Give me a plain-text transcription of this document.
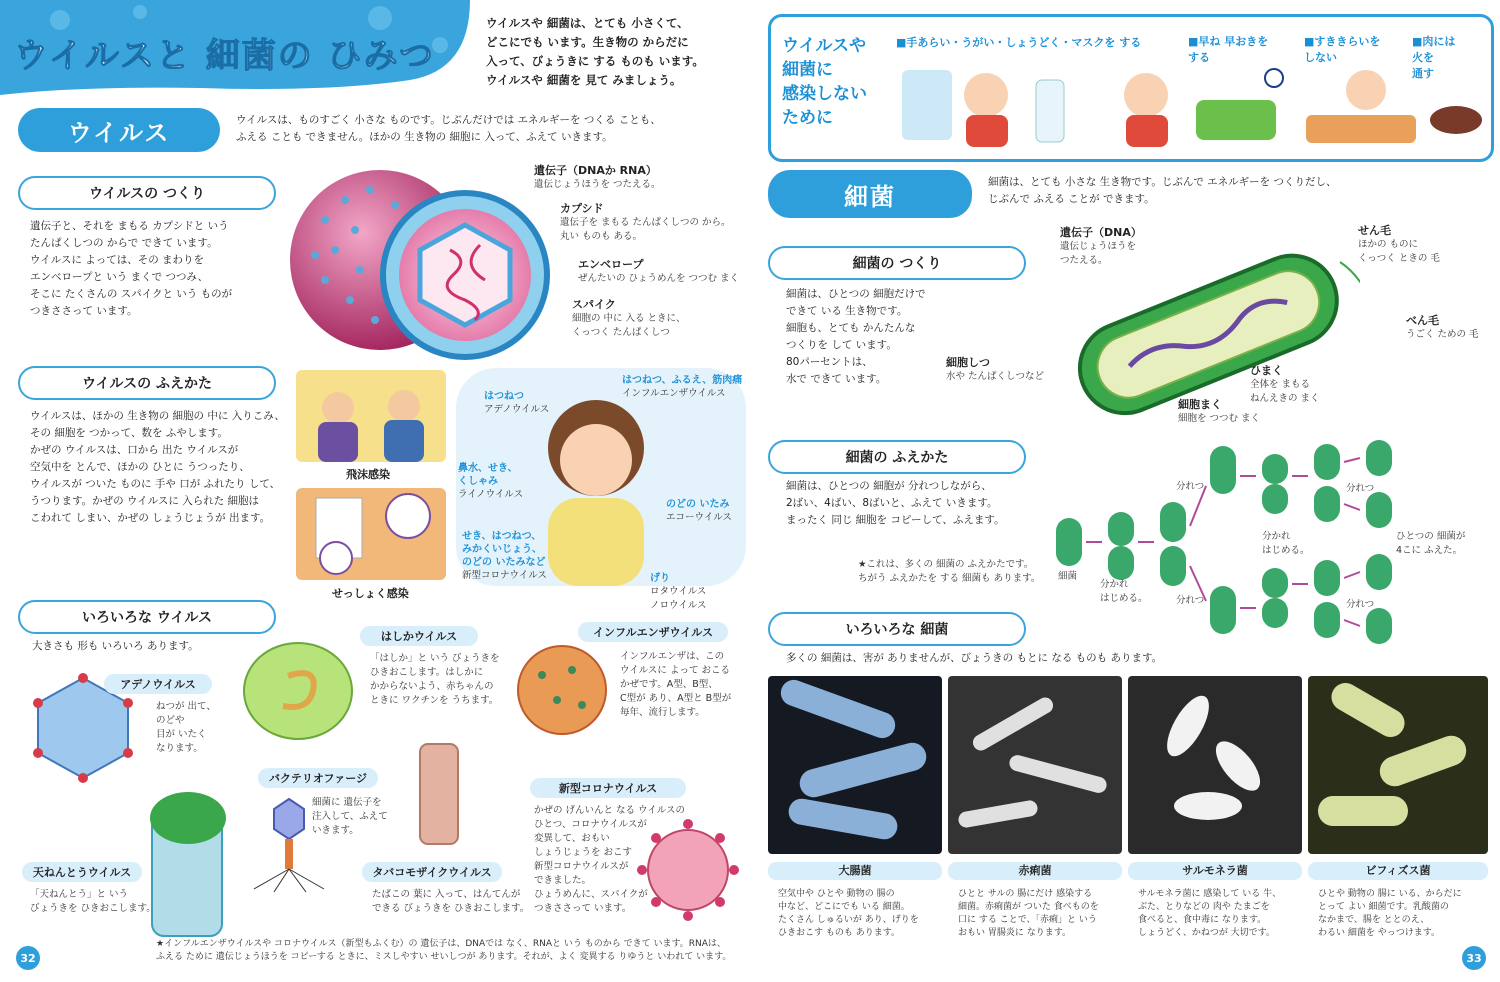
ウイルスと 細菌の ひみつ
ウイルスや 細菌は、とても 小さくて、
どこにでも います。生き物の からだに
入って、びょうきに する ものも います。
ウイルスや 細菌を 見て みましょう。
ウイルス	ウイルスは、ものすごく 小さな ものです。じぶんだけでは エネルギーを つくる ことも、
ふえる ことも できません。ほかの 生き物の 細胞に 入って、ふえて いきます。
ウイルスの つくり
遺伝子と、それを まもる カプシドと いう
たんぱくしつの からで できて います。
ウイルスに よっては、その まわりを
エンベロープと いう まくで つつみ、
そこに たくさんの スパイクと いう ものが
つきささって います。
遺伝子（DNAか RNA）
遺伝じょうほうを つたえる。
カプシド
遺伝子を まもる たんぱくしつの から。
丸い ものも ある。
エンベロープ
ぜんたいの ひょうめんを つつむ まく
スパイク
細胞の 中に 入る ときに、
くっつく たんぱくしつ
ウイルスの ふえかた
ウイルスは、ほかの 生き物の 細胞の 中に 入りこみ、
その 細胞を つかって、数を ふやします。
かぜの ウイルスは、口から 出た ウイルスが
空気中を とんで、ほかの ひとに うつったり、
ウイルスが ついた ものに 手や 口が ふれたり して、
うつります。かぜの ウイルスに 入られた 細胞は
こわれて しまい、かぜの しょうじょうが 出ます。
飛沫感染
せっしょく感染
はつねつ
アデノウイルス
はつねつ、ふるえ、筋肉痛
インフルエンザウイルス
鼻水、せき、
くしゃみ
ライノウイルス
のどの いたみ
エコーウイルス
せき、はつねつ、
みかくいじょう、
のどの いたみなど
新型コロナウイルス	げり
ロタウイルス
ノロウイルス
いろいろな ウイルス
大きさも 形も いろいろ あります。
アデノウイルス
ねつが 出て、
のどや
目が いたく
なります。
はしかウイルス
「はしか」と いう びょうきを
ひきおこします。はしかに
かからないよう、赤ちゃんの
ときに ワクチンを うちます。
インフルエンザウイルス
インフルエンザは、この
ウイルスに よって おこる
かぜです。A型、B型、
C型が あり、A型と B型が
毎年、流行します。
バクテリオファージ
細菌に 遺伝子を
注入して、ふえて
いきます。
タバコモザイクウイルス
たばこの 葉に 入って、はんてんが
できる びょうきを ひきおこします。
新型コロナウイルス
かぜの げんいんと なる ウイルスの
ひとつ、コロナウイルスが
変異して、おもい
しょうじょうを おこす
新型コロナウイルスが
できました。
ひょうめんに、スパイクが
つきささって います。
天ねんとうウイルス
「天ねんとう」と いう
びょうきを ひきおこします。
★インフルエンザウイルスや コロナウイルス（新型もふくむ）の 遺伝子は、DNAでは なく、RNAと いう ものから できて います。RNAは、
ふえる ために 遺伝じょうほうを コピーする ときに、ミスしやすい せいしつが あります。それが、よく 変異する りゆうと いわれて います。
32
ウイルスや
細菌に
感染しない
ために
■手あらい・うがい・しょうどく・マスクを する	■早ね 早おきを
する
■すききらいを
しない
■肉には
火を
通す
細菌
細菌は、とても 小さな 生き物です。じぶんで エネルギーを つくりだし、
じぶんで ふえる ことが できます。
細菌の つくり
細菌は、ひとつの 細胞だけで
できて いる 生き物です。
細胞も、とても かんたんな
つくりを して います。
80パーセントは、
水で できて います。
遺伝子（DNA）
遺伝じょうほうを
つたえる。
せん毛
ほかの ものに
くっつく ときの 毛
べん毛
うごく ための 毛
細胞しつ
水や たんぱくしつなど	ひまく
全体を まもる
ねんえきの まく
細胞まく
細胞を つつむ まく
細菌の ふえかた
細菌は、ひとつの 細胞が 分れつしながら、
2ばい、4ばい、8ばいと、ふえて いきます。
まったく 同じ 細胞を コピーして、ふえます。
★これは、多くの 細菌の ふえかたです。
ちがう ふえかたを する 細菌も あります。 細菌
分かれ
はじめる。
分かれ
はじめる。
分れつ
分れつ
分れつ
分れつ
ひとつの 細菌が
4こに ふえた。
いろいろな 細菌
多くの 細菌は、害が ありませんが、びょうきの もとに なる ものも あります。
大腸菌	赤痢菌	サルモネラ菌	ビフィズス菌
空気中や ひとや 動物の 腸の
中など、どこにでも いる 細菌。
たくさん しゅるいが あり、げりを
ひきおこす ものも あります。
ひとと サルの 腸にだけ 感染する
細菌。赤痢菌が ついた 食べものを
口に する ことで、「赤痢」と いう
おもい 胃腸炎に なります。
サルモネラ菌に 感染して いる 牛、
ぶた、とりなどの 肉や たまごを
食べると、食中毒に なります。
しょうどく、かねつが 大切です。
ひとや 動物の 腸に いる、からだに
とって よい 細菌です。乳酸菌の
なかまで、腸を ととのえ、
わるい 細菌を やっつけます。
33
